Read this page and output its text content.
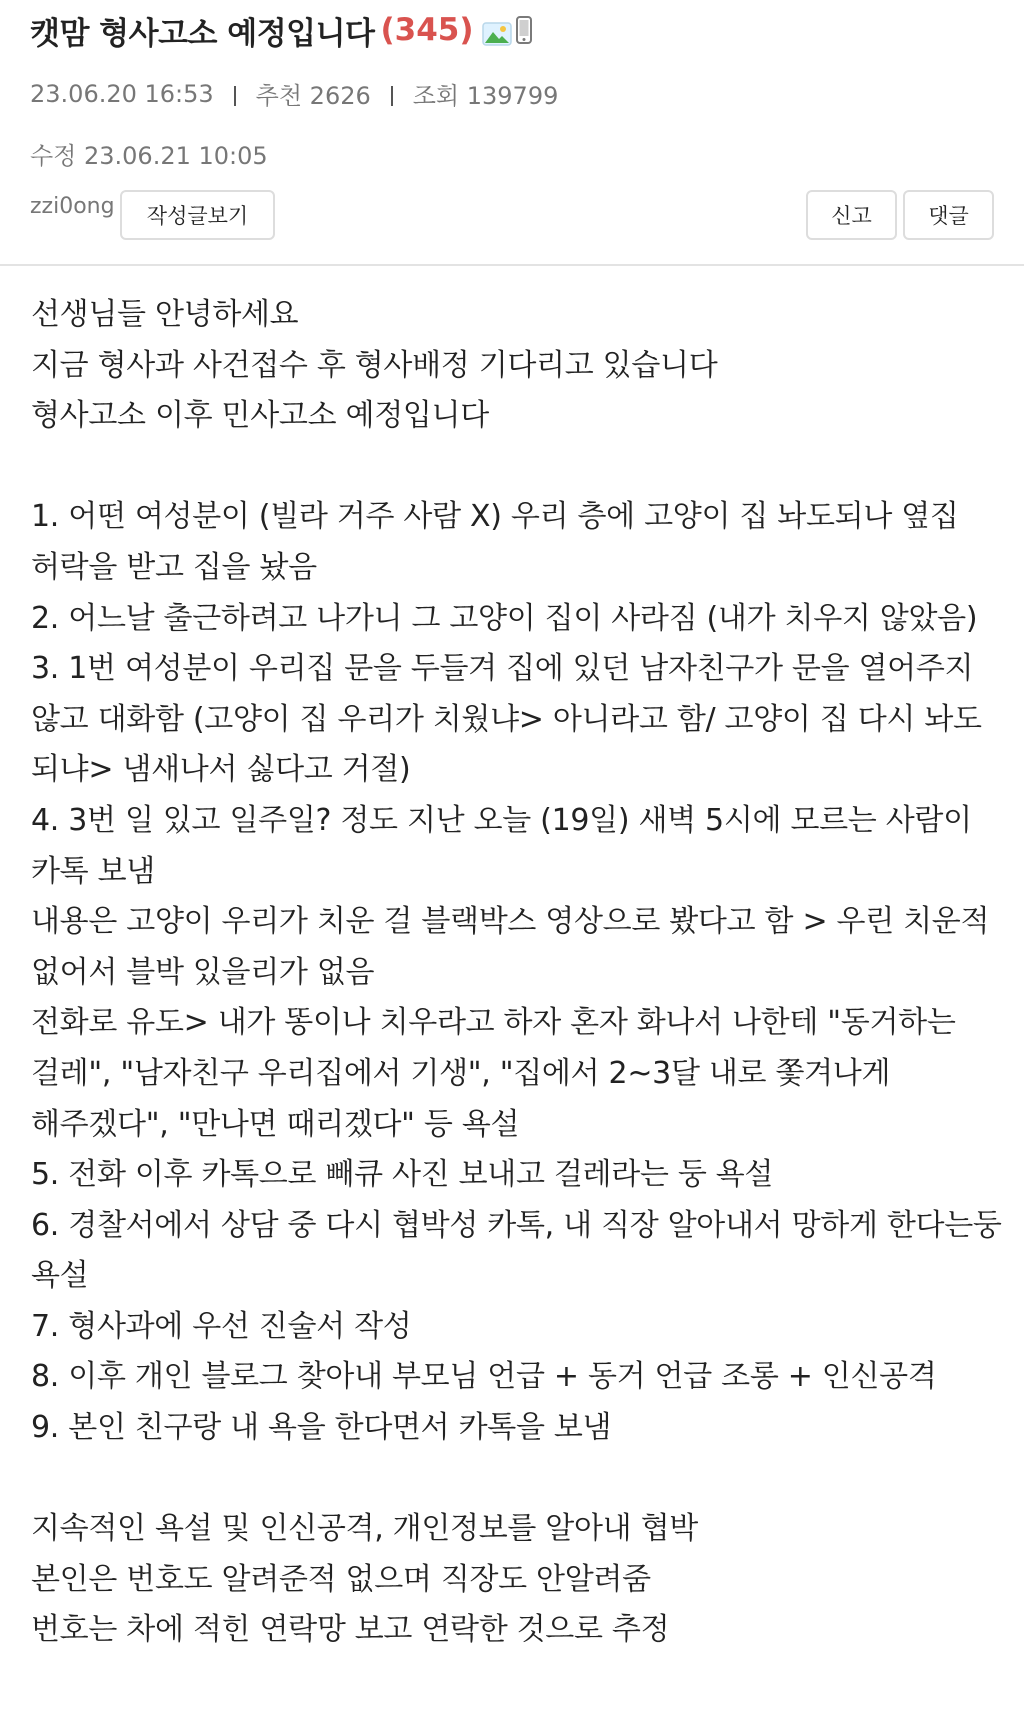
캣맘 형사고소 예정입니다 (345)
23.06.20 16:53 추천 2626 조회 139799
수정 23.06.21 10:05
zzi0ong	작성글보기	신고	댓글

선생님들 안녕하세요

지금 형사과 사건접수 후 형사배정 기다리고 있습니다

형사고소 이후 민사고소 예정입니다

1. 어떤 여성분이 (빌라 거주 사람 X) 우리 층에 고양이 집 놔도되나 옆집 허락을 받고 집을 놨음

2. 어느날 출근하려고 나가니 그 고양이 집이 사라짐 (내가 치우지 않았음)

3. 1번 여성분이 우리집 문을 두들겨 집에 있던 남자친구가 문을 열어주지 않고 대화함 (고양이 집 우리가 치웠냐> 아니라고 함/ 고양이 집 다시 놔도 되냐> 냄새나서 싫다고 거절)

4. 3번 일 있고 일주일? 정도 지난 오늘 (19일) 새벽 5시에 모르는 사람이 카톡 보냄

내용은 고양이 우리가 치운 걸 블랙박스 영상으로 봤다고 함 > 우린 치운적 없어서 블박 있을리가 없음

전화로 유도> 내가 똥이나 치우라고 하자 혼자 화나서 나한테 "동거하는 걸레", "남자친구 우리집에서 기생", "집에서 2~3달 내로 쫓겨나게 해주겠다", "만나면 때리겠다" 등 욕설

5. 전화 이후 카톡으로 빼큐 사진 보내고 걸레라는 둥 욕설

6. 경찰서에서 상담 중 다시 협박성 카톡, 내 직장 알아내서 망하게 한다는둥 욕설

7. 형사과에 우선 진술서 작성

8. 이후 개인 블로그 찾아내 부모님 언급 + 동거 언급 조롱 + 인신공격

9. 본인 친구랑 내 욕을 한다면서 카톡을 보냄

지속적인 욕설 및 인신공격, 개인정보를 알아내 협박

본인은 번호도 알려준적 없으며 직장도 안알려줌

번호는 차에 적힌 연락망 보고 연락한 것으로 추정
